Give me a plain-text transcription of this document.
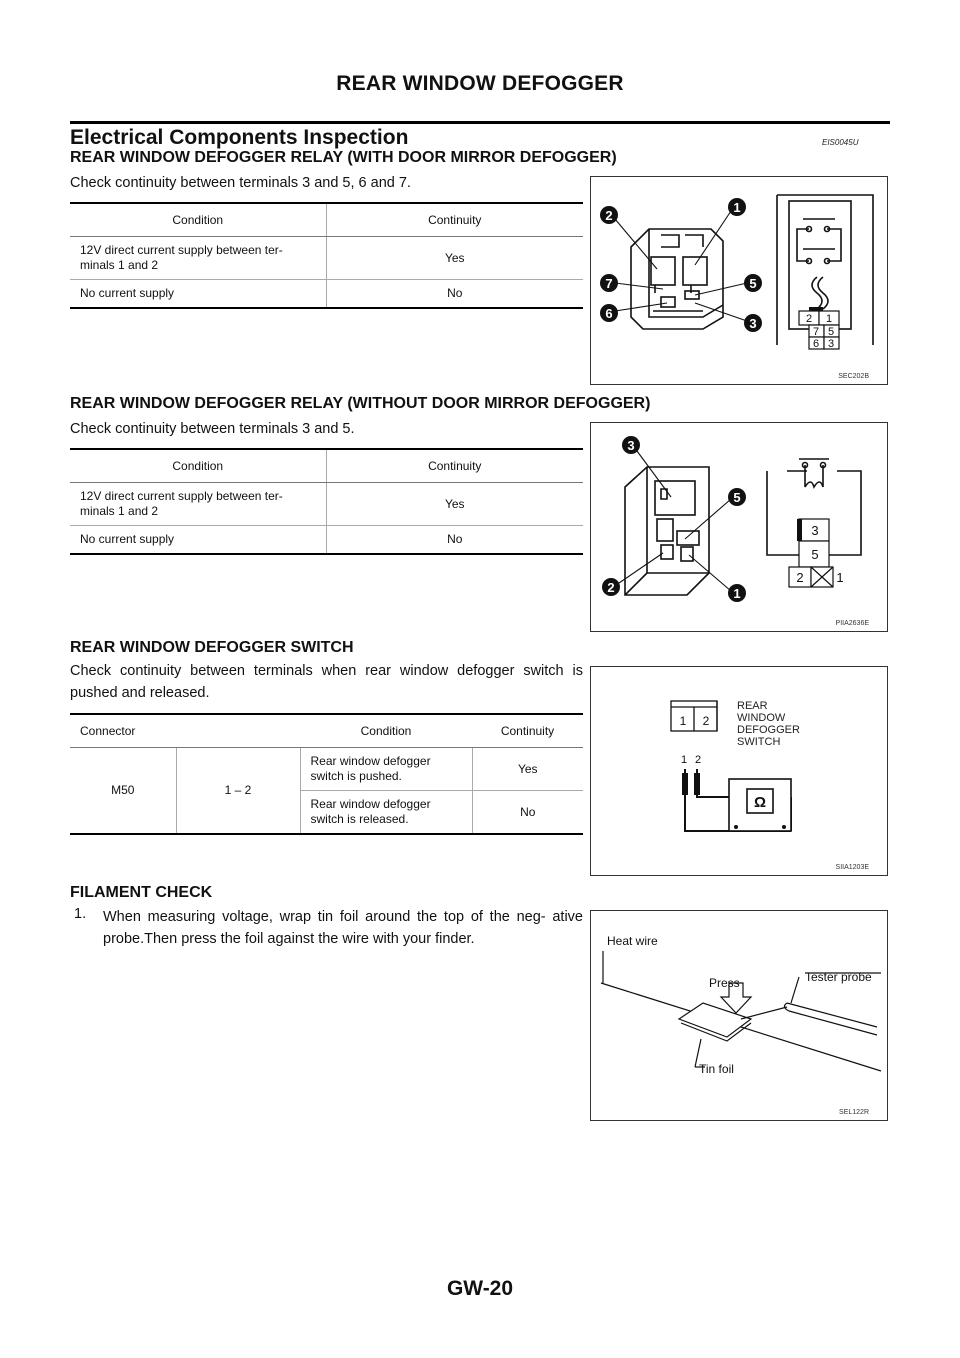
REAR WINDOW DEFOGGER
Electrical Components Inspection	EIS0045U
REAR WINDOW DEFOGGER RELAY (WITH DOOR MIRROR DEFOGGER)
Check continuity between terminals 3 and 5, 6 and 7.
Condition	Continuity
12V direct current supply between ter- minals 1 and 2	Yes
No current supply	No
2
1
7	5
6
3	2 1
7 5
6 3
SEC202B
REAR WINDOW DEFOGGER RELAY (WITHOUT DOOR MIRROR DEFOGGER)
Check continuity between terminals 3 and 5.
Condition	Continuity
12V direct current supply between ter- minals 1 and 2	Yes
No current supply	No
3
5
2	1
3
5
2	1
PIIA2636E
REAR WINDOW DEFOGGER SWITCH
Check continuity between terminals when rear window defogger switch is pushed and released.
Connector		Condition	Continuity
M50	1 – 2	Rear window defogger switch is pushed.	Yes
		Rear window defogger switch is released.	No
1 2
REAR
WINDOW
DEFOGGER
SWITCH
1 2
Ω
SIIA1203E
FILAMENT CHECK
1. When measuring voltage, wrap tin foil around the top of the neg- ative probe.Then press the foil against the wire with your finder.	Heat wire
Press	Tester probe
Tin foil
SEL122R
GW-20
